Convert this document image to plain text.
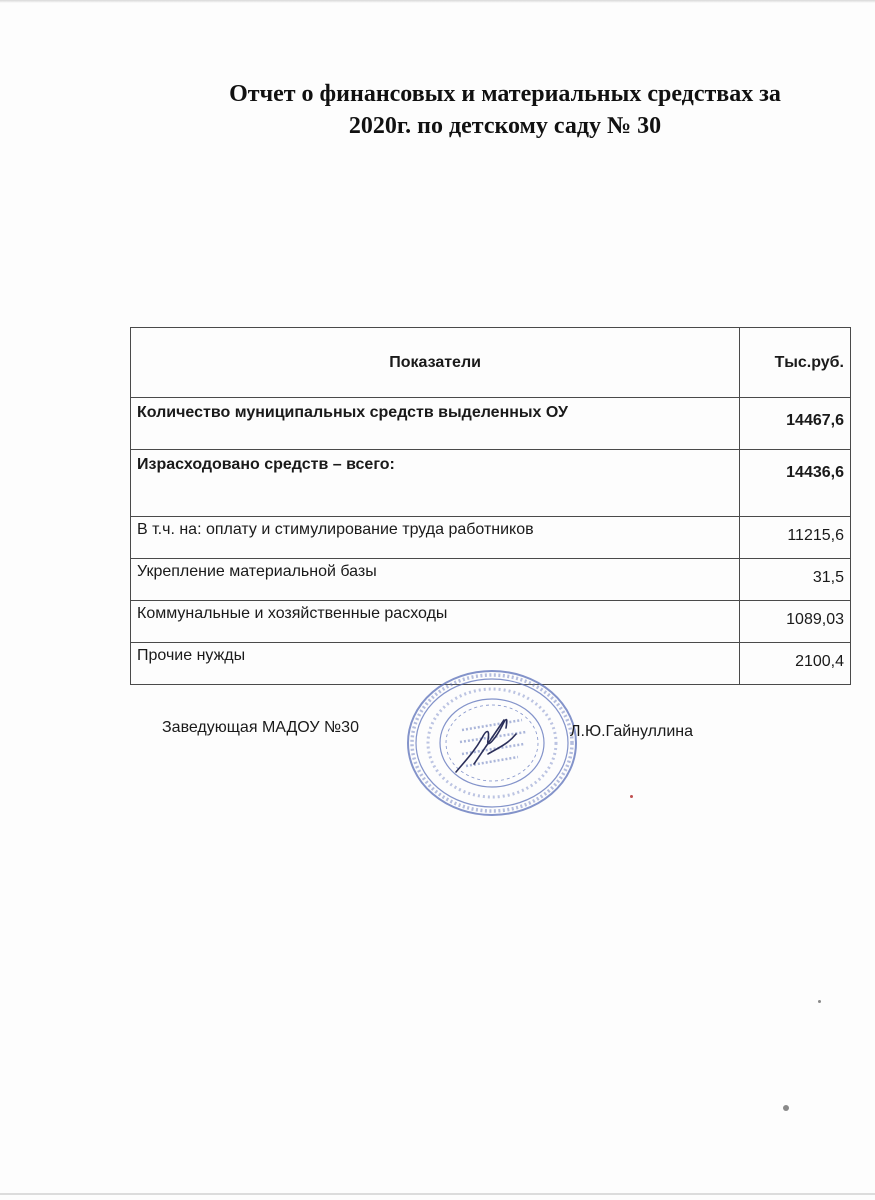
Отчет о финансовых и материальных средствах за
2020г. по детскому саду № 30
Показатели	Тыс.руб.
Количество муниципальных средств выделенных ОУ	14467,6
Израсходовано средств – всего:	14436,6
В т.ч. на: оплату и стимулирование труда работников	11215,6
Укрепление материальной базы	31,5
Коммунальные и хозяйственные расходы	1089,03
Прочие нужды	2100,4
Заведующая МАДОУ №30	Л.Ю.Гайнуллина
